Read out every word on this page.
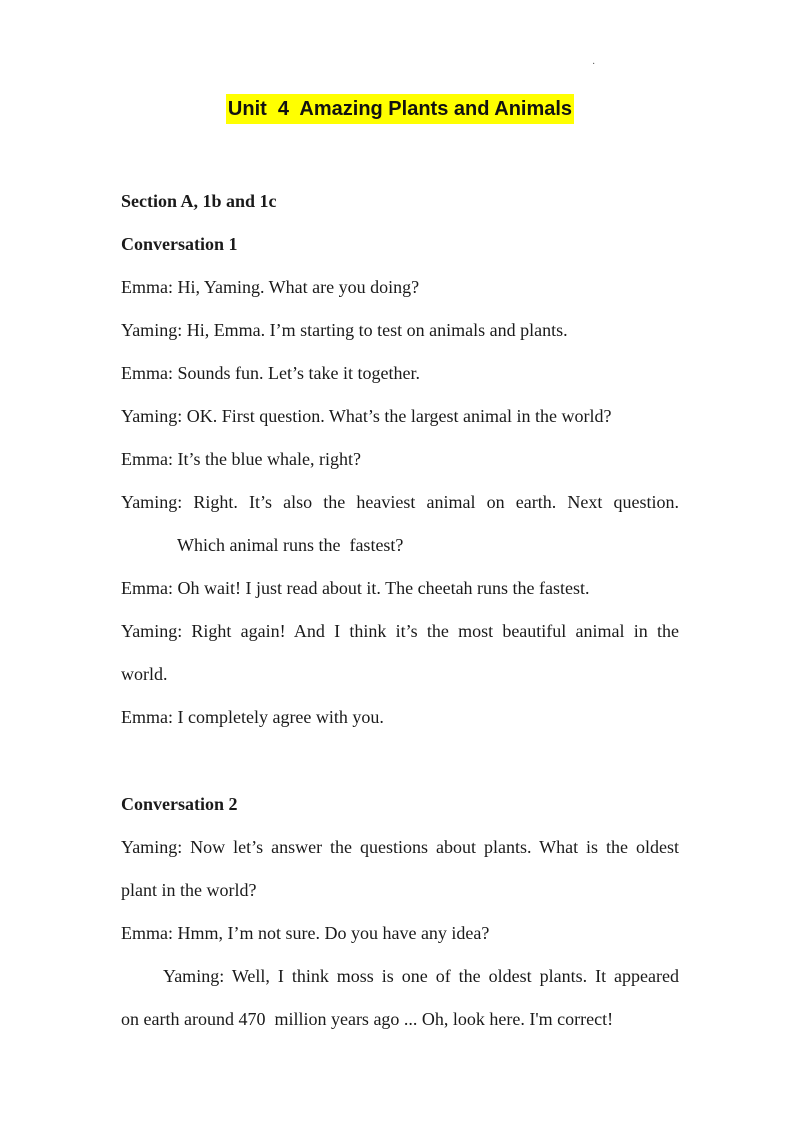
·
Unit  4  Amazing Plants and Animals
Section A, 1b and 1c
Conversation 1
Emma: Hi, Yaming. What are you doing?
Yaming: Hi, Emma. I’m starting to test on animals and plants.
Emma: Sounds fun. Let’s take it together.
Yaming: OK. First question. What’s the largest animal in the world?
Emma: It’s the blue whale, right?
Yaming: Right. It’s also the heaviest animal on earth. Next question.
Which animal runs the  fastest?
Emma: Oh wait! I just read about it. The cheetah runs the fastest.
Yaming: Right again! And I think it’s the most beautiful animal in the
world.
Emma: I completely agree with you.
Conversation 2
Yaming: Now let’s answer the questions about plants. What is the oldest
plant in the world?
Emma: Hmm, I’m not sure. Do you have any idea?
Yaming: Well, I think moss is one of the oldest plants. It appeared
on earth around 470  million years ago ... Oh, look here. I'm correct!
